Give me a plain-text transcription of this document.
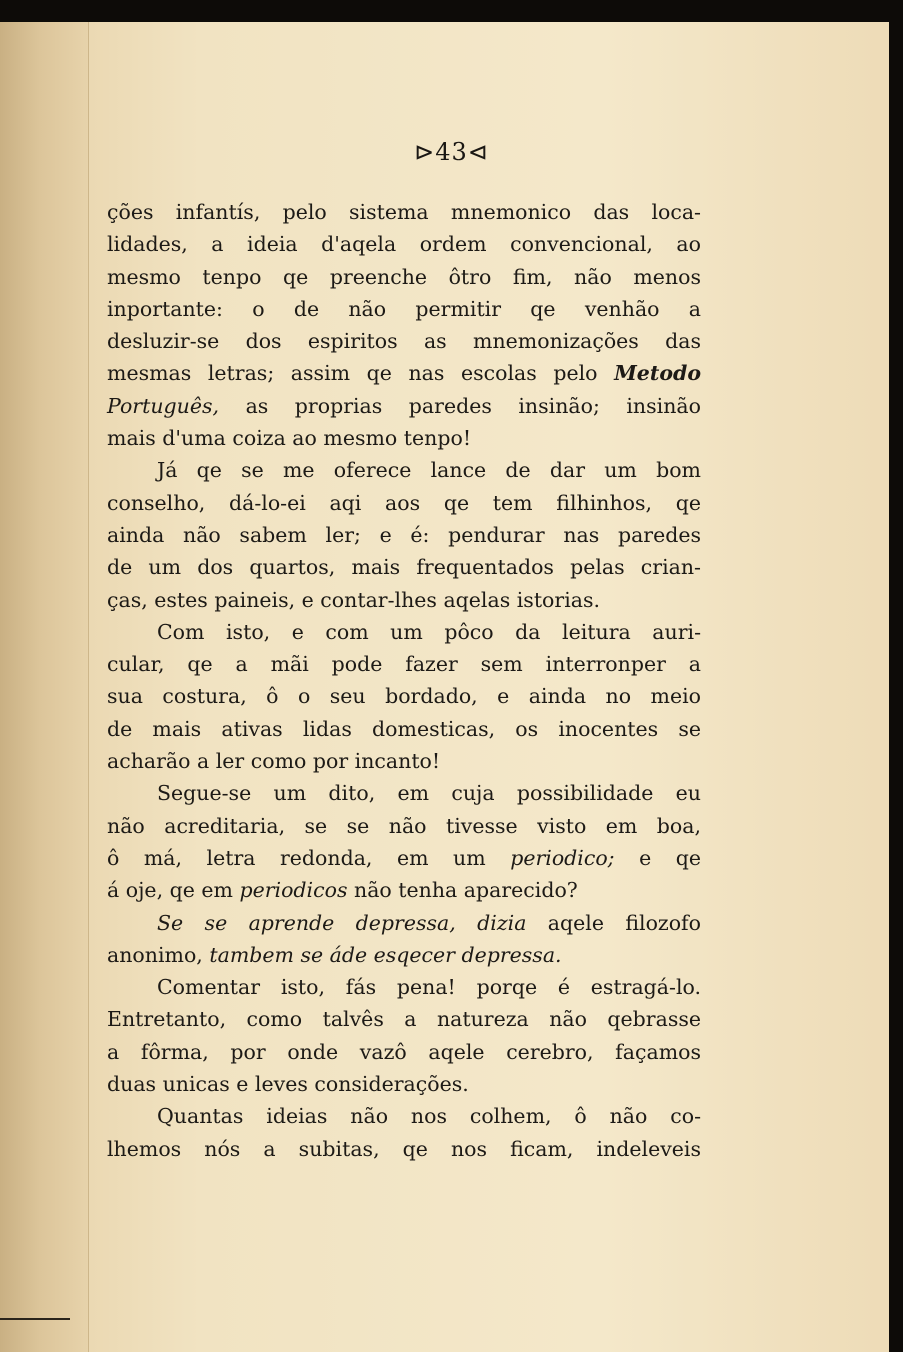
⊳43⊲
ções infantís, pelo sistema mnemonico das loca-
lidades, a ideia d'aqela ordem convencional, ao
mesmo tenpo qe preenche ôtro fim, não menos
inportante: o de não permitir qe venhão a
desluzir-se dos espiritos as mnemonizações das
mesmas letras; assim qe nas escolas pelo Metodo
Português, as proprias paredes insinão; insinão
mais d'uma coiza ao mesmo tenpo!
Já qe se me oferece lance de dar um bom
conselho, dá-lo-ei aqi aos qe tem filhinhos, qe
ainda não sabem ler; e é: pendurar nas paredes
de um dos quartos, mais frequentados pelas crian-
ças, estes paineis, e contar-lhes aqelas istorias.
Com isto, e com um pôco da leitura auri-
cular, qe a mãi pode fazer sem interronper a
sua costura, ô o seu bordado, e ainda no meio
de mais ativas lidas domesticas, os inocentes se
acharão a ler como por incanto!
Segue-se um dito, em cuja possibilidade eu
não acreditaria, se se não tivesse visto em boa,
ô má, letra redonda, em um periodico; e qe
á oje, qe em periodicos não tenha aparecido?
Se se aprende depressa, dizia aqele filozofo
anonimo, tambem se áde esqecer depressa.
Comentar isto, fás pena! porqe é estragá-lo.
Entretanto, como talvês a natureza não qebrasse
a fôrma, por onde vazô aqele cerebro, façamos
duas unicas e leves considerações.
Quantas ideias não nos colhem, ô não co-
lhemos nós a subitas, qe nos ficam, indeleveis
